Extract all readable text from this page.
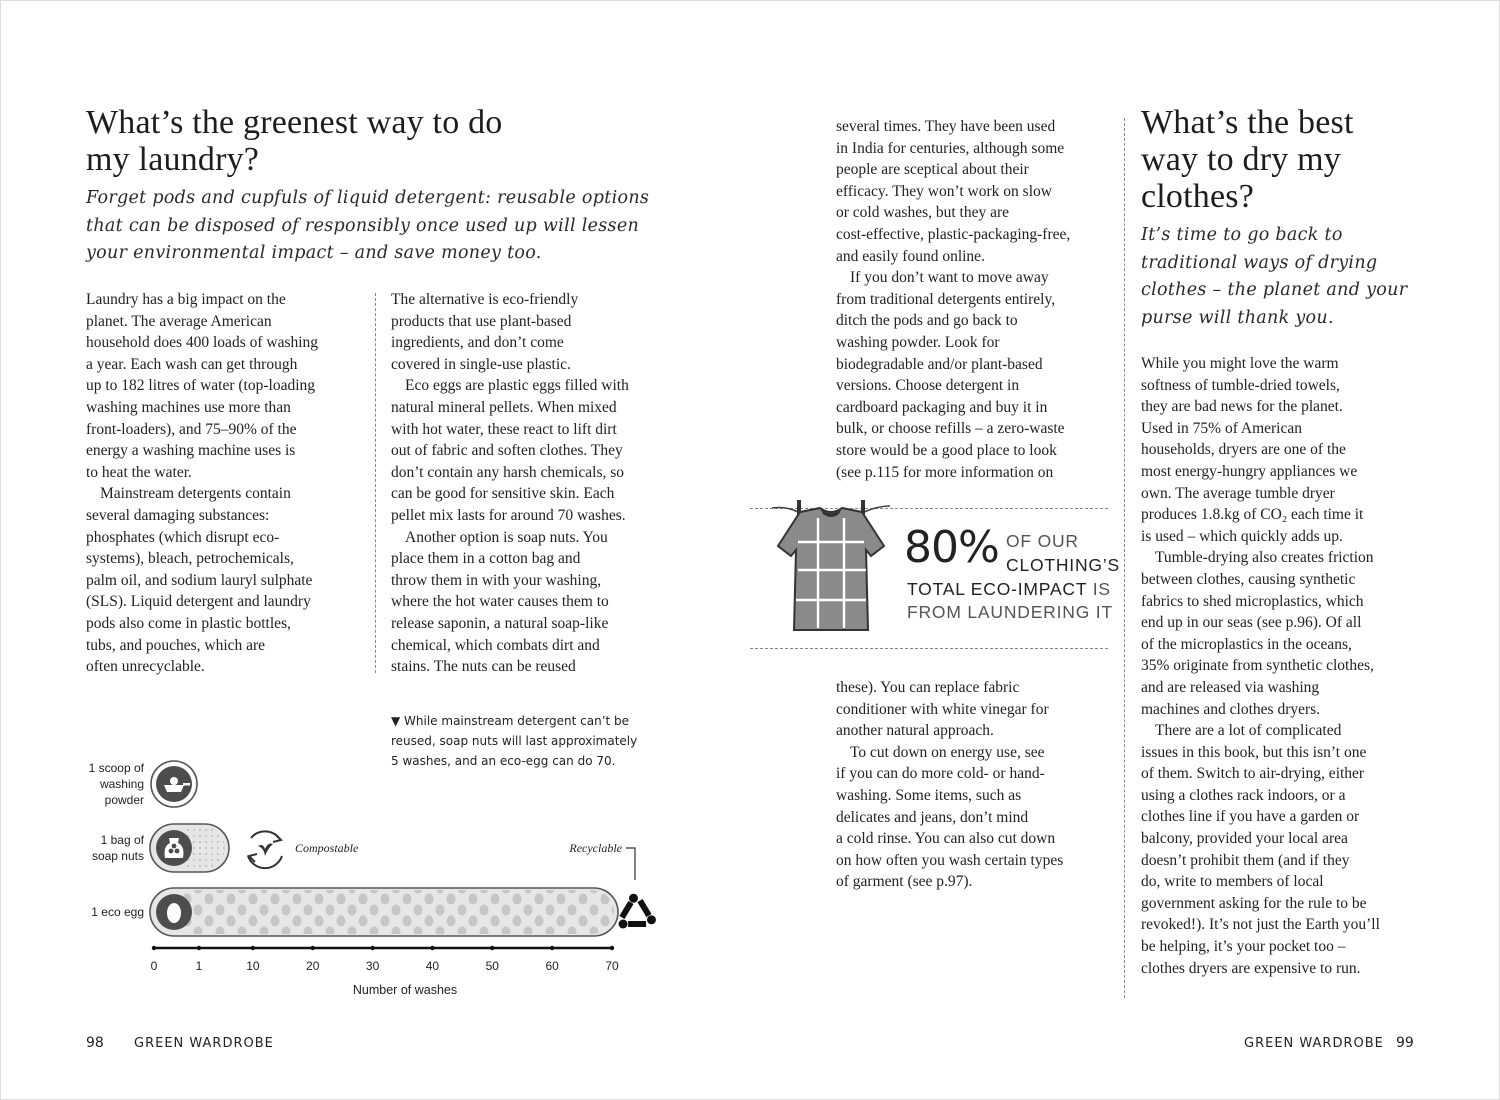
What’s the greenest way to do
my laundry?
Forget pods and cupfuls of liquid detergent: reusable options
that can be disposed of responsibly once used up will lessen
your environmental impact – and save money too.

Laundry has a big impact on the
planet. The average American
household does 400 loads of washing
a year. Each wash can get through
up to 182 litres of water (top-loading
washing machines use more than
front-loaders), and 75–90% of the
energy a washing machine uses is
to heat the water.

Mainstream detergents contain
several damaging substances:
phosphates (which disrupt eco-
systems), bleach, petrochemicals,
palm oil, and sodium lauryl sulphate
(SLS). Liquid detergent and laundry
pods also come in plastic bottles,
tubs, and pouches, which are
often unrecyclable.

The alternative is eco-friendly
products that use plant-based
ingredients, and don’t come
covered in single-use plastic.

Eco eggs are plastic eggs filled with
natural mineral pellets. When mixed
with hot water, these react to lift dirt
out of fabric and soften clothes. They
don’t contain any harsh chemicals, so
can be good for sensitive skin. Each
pellet mix lasts for around 70 washes.

Another option is soap nuts. You
place them in a cotton bag and
throw them in with your washing,
where the hot water causes them to
release saponin, a natural soap-like
chemical, which combats dirt and
stains. The nuts can be reused

▼ While mainstream detergent can’t be
reused, soap nuts will last approximately
5 washes, and an eco-egg can do 70.
1 scoop of
washing
powder
1 bag of
soap nuts
1 eco egg
Compostable	Recyclable
0	1	10	20	30	40	50	60	70
Number of washes
98 GREEN WARDROBE

several times. They have been used
in India for centuries, although some
people are sceptical about their
efficacy. They won’t work on slow
or cold washes, but they are
cost-effective, plastic-packaging-free,
and easily found online.

If you don’t want to move away
from traditional detergents entirely,
ditch the pods and go back to
washing powder. Look for
biodegradable and/or plant-based
versions. Choose detergent in
cardboard packaging and buy it in
bulk, or choose refills – a zero-waste
store would be a good place to look
(see p.115 for more information on

80% OF OUR
CLOTHING’S
TOTAL ECO-IMPACT IS
FROM LAUNDERING IT

these). You can replace fabric
conditioner with white vinegar for
another natural approach.

To cut down on energy use, see
if you can do more cold- or hand-
washing. Some items, such as
delicates and jeans, don’t mind
a cold rinse. You can also cut down
on how often you wash certain types
of garment (see p.97).

What’s the best
way to dry my
clothes?
It’s time to go back to
traditional ways of drying
clothes – the planet and your
purse will thank you.

While you might love the warm
softness of tumble-dried towels,
they are bad news for the planet.
Used in 75% of American
households, dryers are one of the
most energy-hungry appliances we
own. The average tumble dryer
produces 1.8.kg of CO₂ each time it
is used – which quickly adds up.

Tumble-drying also creates friction
between clothes, causing synthetic
fabrics to shed microplastics, which
end up in our seas (see p.96). Of all
of the microplastics in the oceans,
35% originate from synthetic clothes,
and are released via washing
machines and clothes dryers.

There are a lot of complicated
issues in this book, but this isn’t one
of them. Switch to air-drying, either
using a clothes rack indoors, or a
clothes line if you have a garden or
balcony, provided your local area
doesn’t prohibit them (and if they
do, write to members of local
government asking for the rule to be
revoked!). It’s not just the Earth you’ll
be helping, it’s your pocket too –
clothes dryers are expensive to run.

GREEN WARDROBE 99
